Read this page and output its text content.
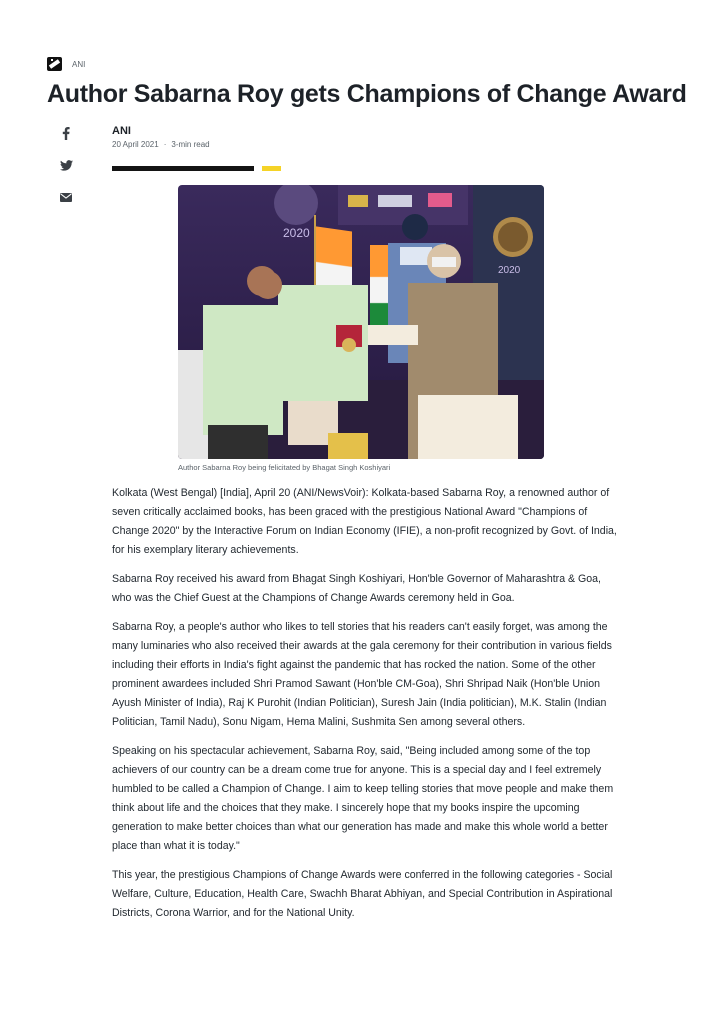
ANI
Author Sabarna Roy gets Champions of Change Award
ANI
20 April 2021 · 3-min read
2020
2020
Author Sabarna Roy being felicitated by Bhagat Singh Koshiyari

Kolkata (West Bengal) [India], April 20 (ANI/NewsVoir): Kolkata-based Sabarna Roy, a renowned author of seven critically acclaimed books, has been graced with the prestigious National Award "Champions of Change 2020" by the Interactive Forum on Indian Economy (IFIE), a non-profit recognized by Govt. of India, for his exemplary literary achievements.

Sabarna Roy received his award from Bhagat Singh Koshiyari, Hon'ble Governor of Maharashtra & Goa, who was the Chief Guest at the Champions of Change Awards ceremony held in Goa.

Sabarna Roy, a people's author who likes to tell stories that his readers can't easily forget, was among the many luminaries who also received their awards at the gala ceremony for their contribution in various fields including their efforts in India's fight against the pandemic that has rocked the nation. Some of the other prominent awardees included Shri Pramod Sawant (Hon'ble CM-Goa), Shri Shripad Naik (Hon'ble Union Ayush Minister of India), Raj K Purohit (Indian Politician), Suresh Jain (India politician), M.K. Stalin (Indian Politician, Tamil Nadu), Sonu Nigam, Hema Malini, Sushmita Sen among several others.

Speaking on his spectacular achievement, Sabarna Roy, said, "Being included among some of the top achievers of our country can be a dream come true for anyone. This is a special day and I feel extremely humbled to be called a Champion of Change. I aim to keep telling stories that move people and make them think about life and the choices that they make. I sincerely hope that my books inspire the upcoming generation to make better choices than what our generation has made and make this whole world a better place than what it is today."

This year, the prestigious Champions of Change Awards were conferred in the following categories - Social Welfare, Culture, Education, Health Care, Swachh Bharat Abhiyan, and Special Contribution in Aspirational Districts, Corona Warrior, and for the National Unity.
